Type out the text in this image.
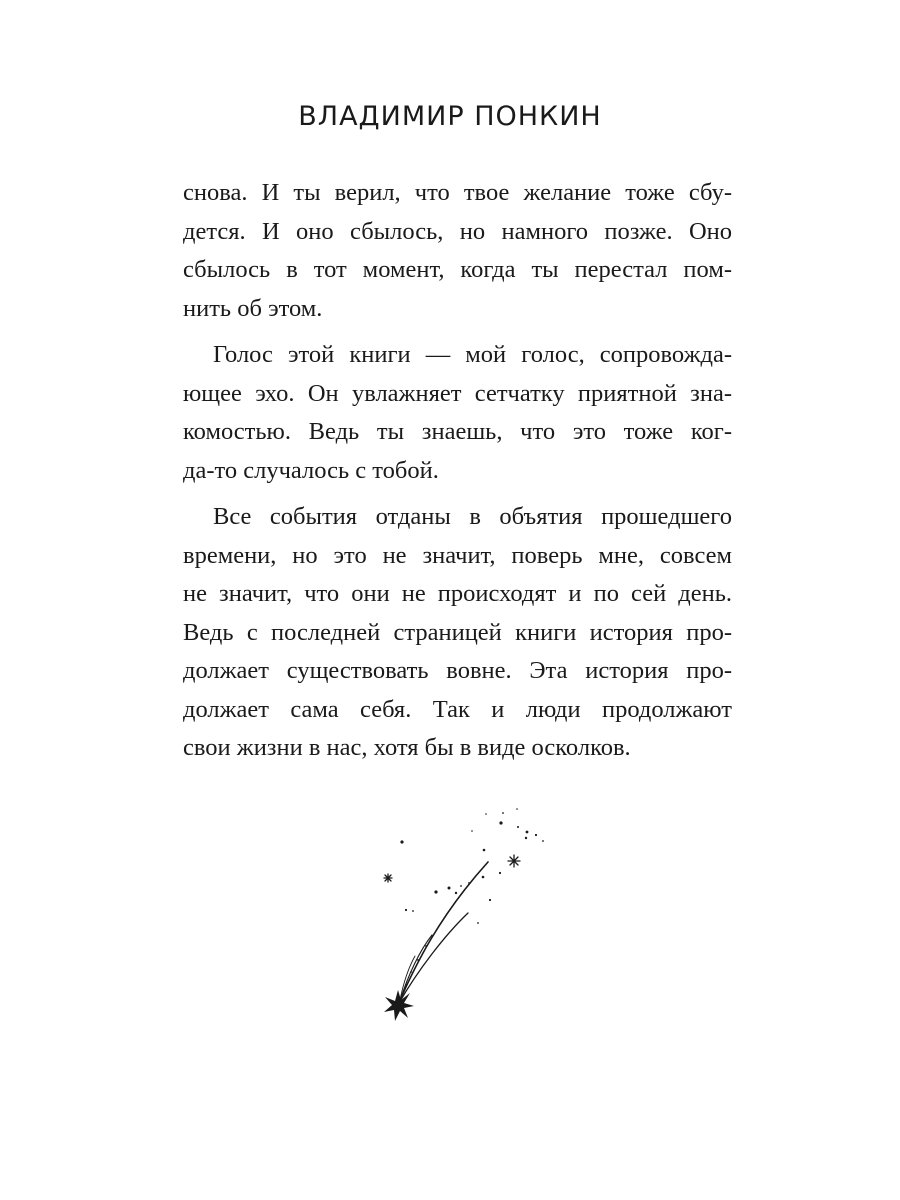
ВЛАДИМИР ПОНКИН
снова. И ты верил, что твое желание тоже сбу-
дется. И оно сбылось, но намного позже. Оно
сбылось в тот момент, когда ты перестал пом-
нить об этом.
Голос этой книги — мой голос, сопровожда-
ющее эхо. Он увлажняет сетчатку приятной зна-
комостью. Ведь ты знаешь, что это тоже ког-
да-то случалось с тобой.
Все события отданы в объятия прошедшего
времени, но это не значит, поверь мне, совсем
не значит, что они не происходят и по сей день.
Ведь с последней страницей книги история про-
должает существовать вовне. Эта история про-
должает сама себя. Так и люди продолжают
свои жизни в нас, хотя бы в виде осколков.
